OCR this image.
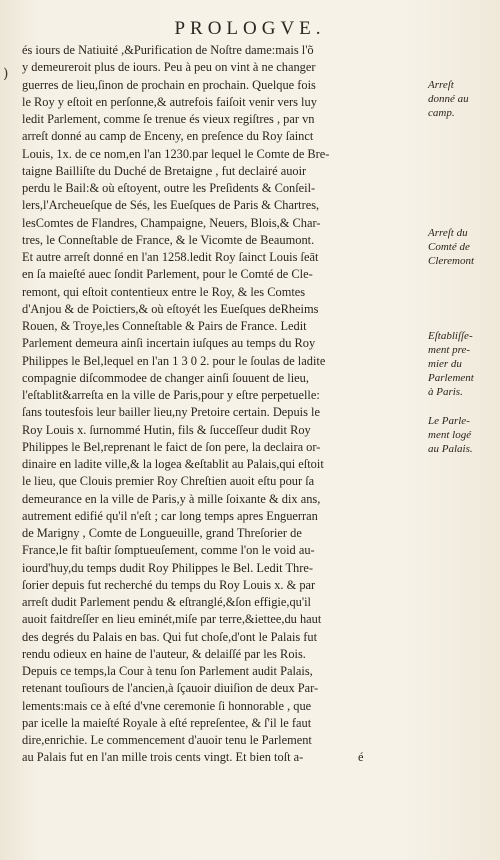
PROLOGVE.
)
és iours de Natiuité ,&Purification de Noſtre dame:mais l'õ
y demeureroit plus de iours. Peu à peu on vint à ne changer
guerres de lieu,ſinon de prochain en prochain. Quelque fois
le Roy y eſtoit en perſonne,& autrefois faiſoit venir vers luy
ledit Parlement, comme ſe trenue és vieux regiſtres , par vn
arreſt donné au camp de Enceny, en preſence du Roy ſainct
Louis, 1x. de ce nom,en l'an 1230.par lequel le Comte de Bre-
taigne Bailliſte du Duché de Bretaigne , fut declairé auoir
perdu le Bail:& où eſtoyent, outre les Preſidents & Conſeil-
lers,l'Archeueſque de Sés, les Eueſques de Paris & Chartres,
lesComtes de Flandres, Champaigne, Neuers, Blois,& Char-
tres, le Conneſtable de France, & le Vicomte de Beaumont.
Et autre arreſt donné en l'an 1258.ledit Roy ſainct Louis ſeāt
en ſa maieſté auec ſondit Parlement, pour le Comté de Cle-
remont, qui eſtoit contentieux entre le Roy, & les Comtes
d'Anjou & de Poictiers,& où eſtoyét les Eueſques deRheims
Rouen, & Troye,les Conneſtable & Pairs de France. Ledit
Parlement demeura ainſi incertain iuſques au temps du Roy
Philippes le Bel,lequel en l'an 1 3 0 2. pour le ſoulas de ladite
compagnie diſcommodee de changer ainſi ſouuent de lieu,
l'eſtablit&arreſta en la ville de Paris,pour y eſtre perpetuelle:
ſans toutesfois leur bailler lieu,ny Pretoire certain. Depuis le
Roy Louis x. ſurnommé Hutin, fils & ſucceſſeur dudit Roy
Philippes le Bel,reprenant le faict de ſon pere, la declaira or-
dinaire en ladite ville,& la logea &eſtablit au Palais,qui eſtoit
le lieu, que Clouis premier Roy Chreſtien auoit eſtu pour ſa
demeurance en la ville de Paris,y à mille ſoixante & dix ans,
autrement edifié qu'il n'eſt ; car long temps apres Enguerran
de Marigny , Comte de Longueuille, grand Threſorier de
France,le fit baſtir ſomptueuſement, comme l'on le void au-
iourd'huy,du temps dudit Roy Philippes le Bel. Ledit Thre-
ſorier depuis fut recherché du temps du Roy Louis x. & par
arreſt dudit Parlement pendu & eſtranglé,&ſon effigie,qu'il
auoit faitdreſſer en lieu eminét,miſe par terre,&iettee,du haut
des degrés du Palais en bas. Qui fut choſe,d'ont le Palais fut
rendu odieux en haine de l'auteur, & delaiſſé par les Rois.
Depuis ce temps,la Cour à tenu ſon Parlement audit Palais,
retenant touſiours de l'ancien,à ſçauoir diuiſion de deux Par-
lements:mais ce à eſté d'vne ceremonie ſi honnorable , que
par icelle la maieſté Royale à eſté repreſentee, & ſ'il le faut
dire,enrichie. Le commencement d'auoir tenu le Parlement
au Palais fut en l'an mille trois cents vingt. Et bien toſt a-
Arreſt
donné au
camp.
Arreſt du
Comté de
Cleremont
Eſtabliſſe-
ment pre-
mier du
Parlement
à Paris.
Le Parle-
ment logé
au Palais.
é
